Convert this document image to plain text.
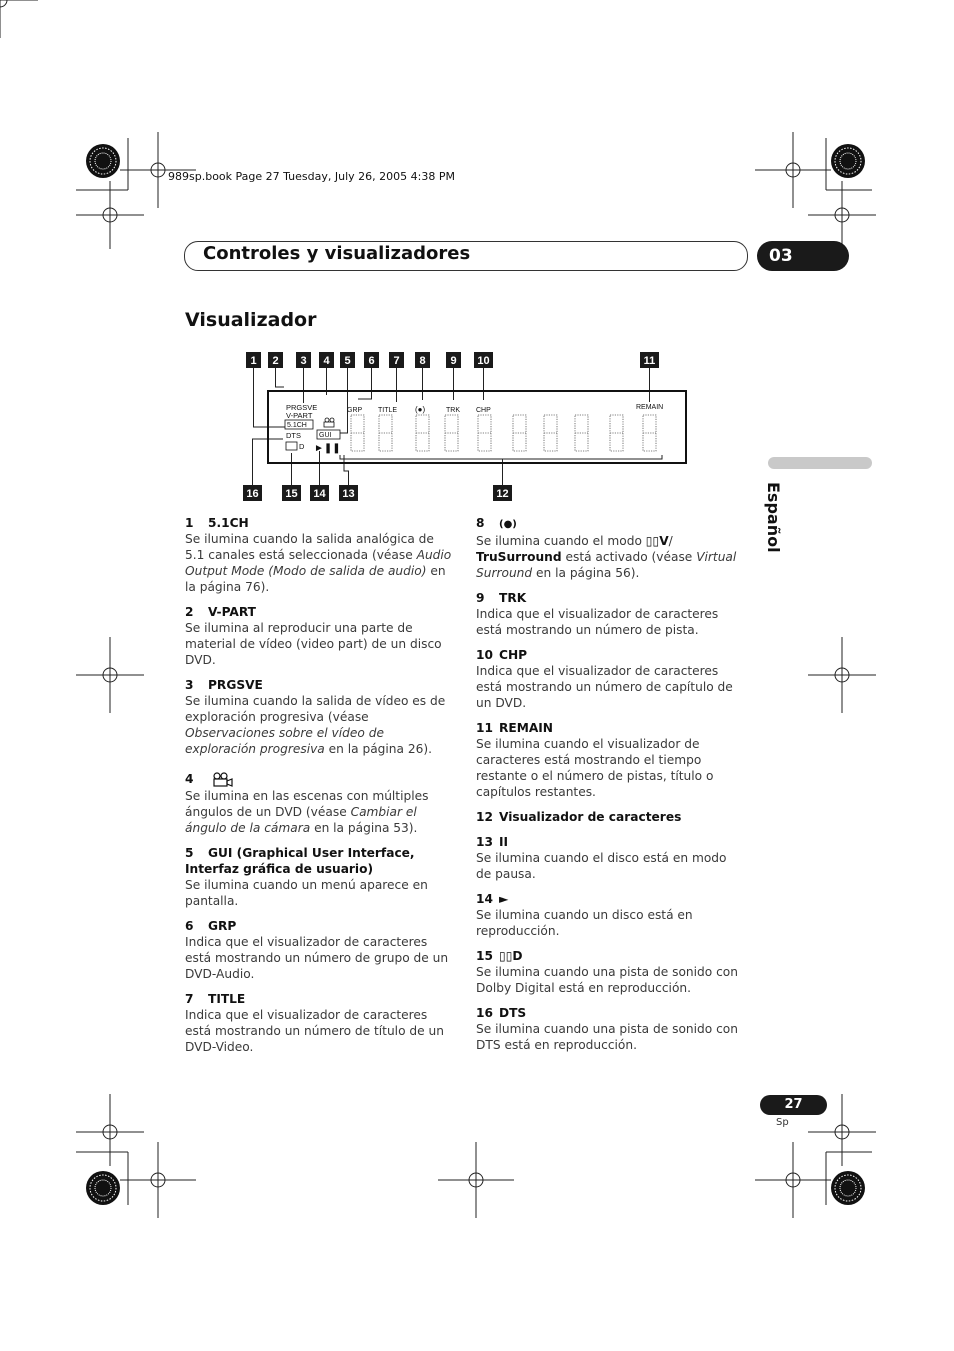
989sp.book Page 27 Tuesday, July 26, 2005 4:38 PM
Controles y visualizadores	03
Visualizador
Español
1 2 3 4 5 6 7 8 9 10	11
16 15 14 13	12
PRGSVE
V-PART
5.1CH
DTS
D
GUI
►❚❚
GRP TITLE (●)	TRK CHP	REMAIN

1 5.1CH

Se ilumina cuando la salida analógica de 5.1 canales está seleccionada (véase Audio Output Mode (Modo de salida de audio) en la página 76).

2 V-PART

Se ilumina al reproducir una parte de material de vídeo (video part) de un disco DVD.

3 PRGSVE

Se ilumina cuando la salida de vídeo es de exploración progresiva (véase Observaciones sobre el vídeo de exploración progresiva en la página 26).

4

Se ilumina en las escenas con múltiples ángulos de un DVD (véase Cambiar el ángulo de la cámara en la página 53).

5 GUI (Graphical User Interface, Interfaz gráfica de usuario)

Se ilumina cuando un menú aparece en pantalla.

6 GRP

Indica que el visualizador de caracteres está mostrando un número de grupo de un DVD-Audio.

7 TITLE

Indica que el visualizador de caracteres está mostrando un número de título de un DVD-Video.

8 (●)

Se ilumina cuando el modo ▯▯V/ TruSurround está activado (véase Virtual Surround en la página 56).

9 TRK

Indica que el visualizador de caracteres está mostrando un número de pista.

10 CHP

Indica que el visualizador de caracteres está mostrando un número de capítulo de un DVD.

11 REMAIN

Se ilumina cuando el visualizador de caracteres está mostrando el tiempo restante o el número de pistas, título o capítulos restantes.

12 Visualizador de caracteres

13 II

Se ilumina cuando el disco está en modo de pausa.

14 ►

Se ilumina cuando un disco está en reproducción.

15 ▯▯D

Se ilumina cuando una pista de sonido con Dolby Digital está en reproducción.

16 DTS

Se ilumina cuando una pista de sonido con DTS está en reproducción.

27
Sp
